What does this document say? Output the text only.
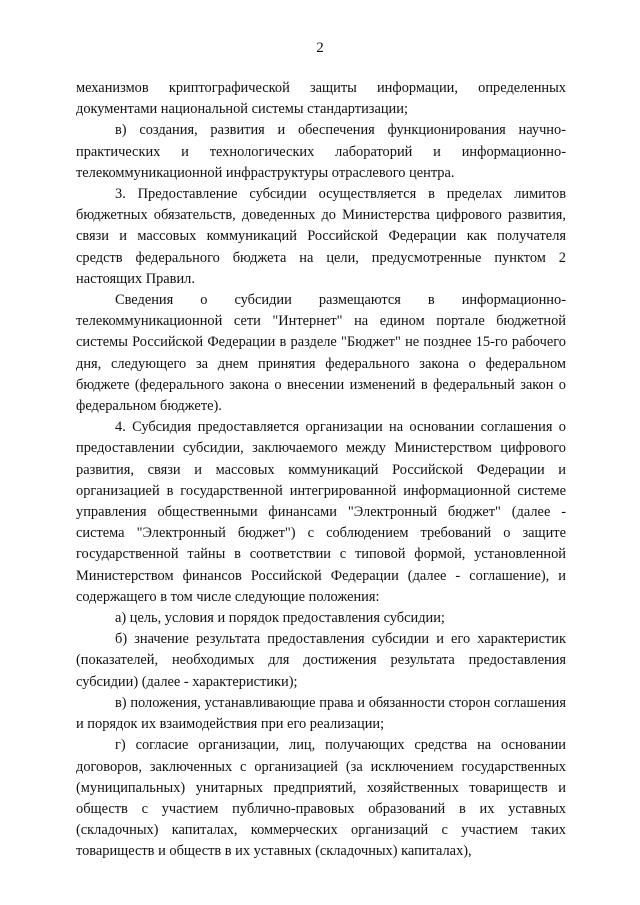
2

механизмов криптографической защиты информации, определенных документами национальной системы стандартизации;

в) создания, развития и обеспечения функционирования научно-практических и технологических лабораторий и информационно-телекоммуникационной инфраструктуры отраслевого центра.

3. Предоставление субсидии осуществляется в пределах лимитов бюджетных обязательств, доведенных до Министерства цифрового развития, связи и массовых коммуникаций Российской Федерации как получателя средств федерального бюджета на цели, предусмотренные пунктом 2 настоящих Правил.

Сведения о субсидии размещаются в информационно-телекоммуникационной сети "Интернет" на едином портале бюджетной системы Российской Федерации в разделе "Бюджет" не позднее 15-го рабочего дня, следующего за днем принятия федерального закона о федеральном бюджете (федерального закона о внесении изменений в федеральный закон о федеральном бюджете).

4. Субсидия предоставляется организации на основании соглашения о предоставлении субсидии, заключаемого между Министерством цифрового развития, связи и массовых коммуникаций Российской Федерации и организацией в государственной интегрированной информационной системе управления общественными финансами "Электронный бюджет" (далее - система "Электронный бюджет") с соблюдением требований о защите государственной тайны в соответствии с типовой формой, установленной Министерством финансов Российской Федерации (далее - соглашение), и содержащего в том числе следующие положения:

а) цель, условия и порядок предоставления субсидии;

б) значение результата предоставления субсидии и его характеристик (показателей, необходимых для достижения результата предоставления субсидии) (далее - характеристики);

в) положения, устанавливающие права и обязанности сторон соглашения и порядок их взаимодействия при его реализации;

г) согласие организации, лиц, получающих средства на основании договоров, заключенных с организацией (за исключением государственных (муниципальных) унитарных предприятий, хозяйственных товариществ и обществ с участием публично-правовых образований в их уставных (складочных) капиталах, коммерческих организаций с участием таких товариществ и обществ в их уставных (складочных) капиталах),
